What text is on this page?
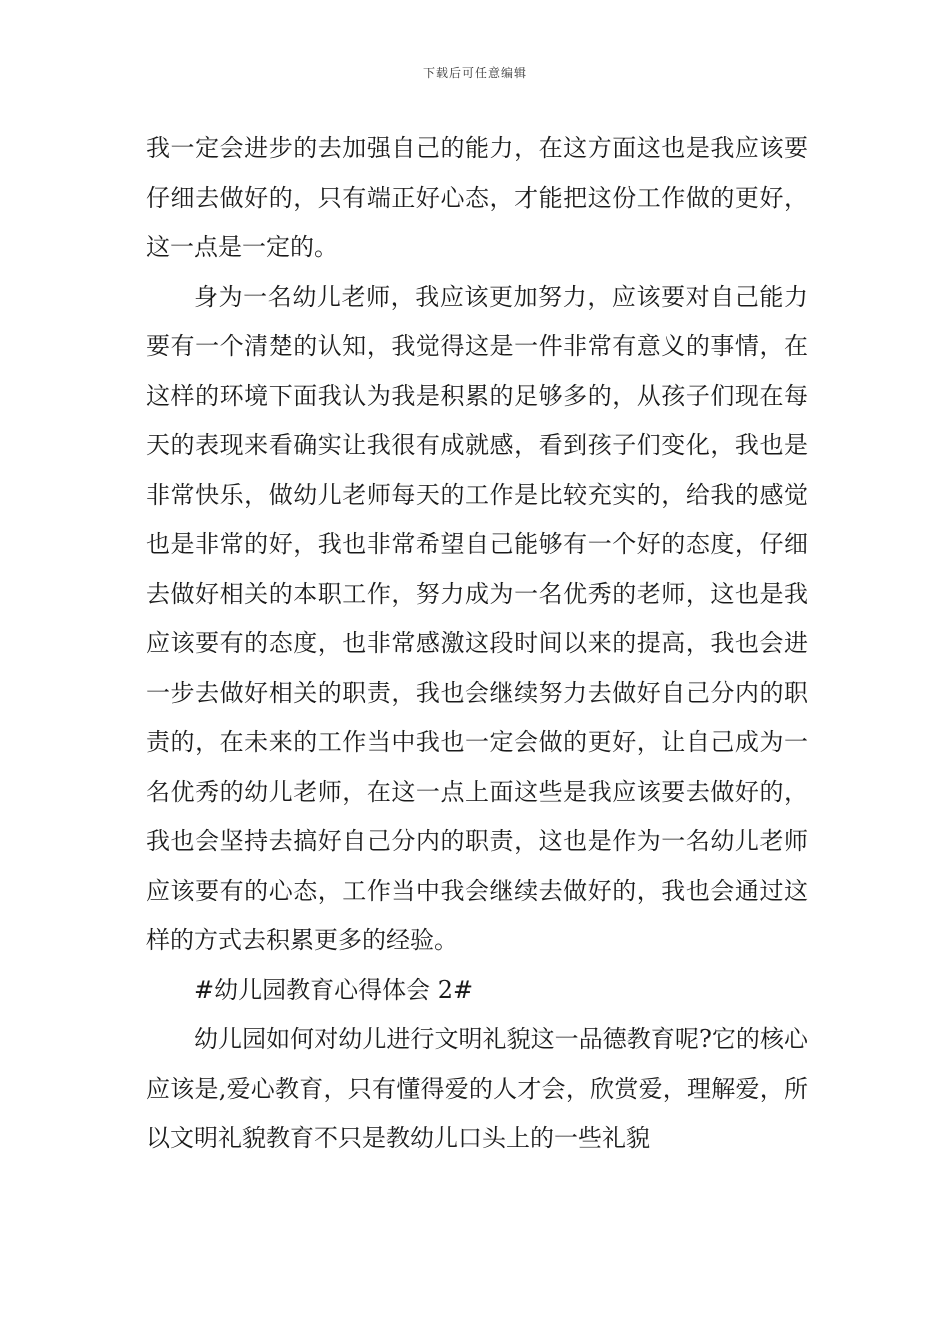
下载后可任意编辑

我一定会进步的去加强自己的能力，在这方面这也是我应该要仔细去做好的，只有端正好心态，才能把这份工作做的更好，这一点是一定的。

身为一名幼儿老师，我应该更加努力，应该要对自己能力要有一个清楚的认知，我觉得这是一件非常有意义的事情，在这样的环境下面我认为我是积累的足够多的，从孩子们现在每天的表现来看确实让我很有成就感，看到孩子们变化，我也是非常快乐，做幼儿老师每天的工作是比较充实的，给我的感觉也是非常的好，我也非常希望自己能够有一个好的态度，仔细去做好相关的本职工作，努力成为一名优秀的老师，这也是我应该要有的态度，也非常感激这段时间以来的提高，我也会进一步去做好相关的职责，我也会继续努力去做好自己分内的职责的，在未来的工作当中我也一定会做的更好，让自己成为一名优秀的幼儿老师，在这一点上面这些是我应该要去做好的，我也会坚持去搞好自己分内的职责，这也是作为一名幼儿老师应该要有的心态，工作当中我会继续去做好的，我也会通过这样的方式去积累更多的经验。

#幼儿园教育心得体会 2#

幼儿园如何对幼儿进行文明礼貌这一品德教育呢?它的核心应该是,爱心教育，只有懂得爱的人才会，欣赏爱，理解爱，所以文明礼貌教育不只是教幼儿口头上的一些礼貌
